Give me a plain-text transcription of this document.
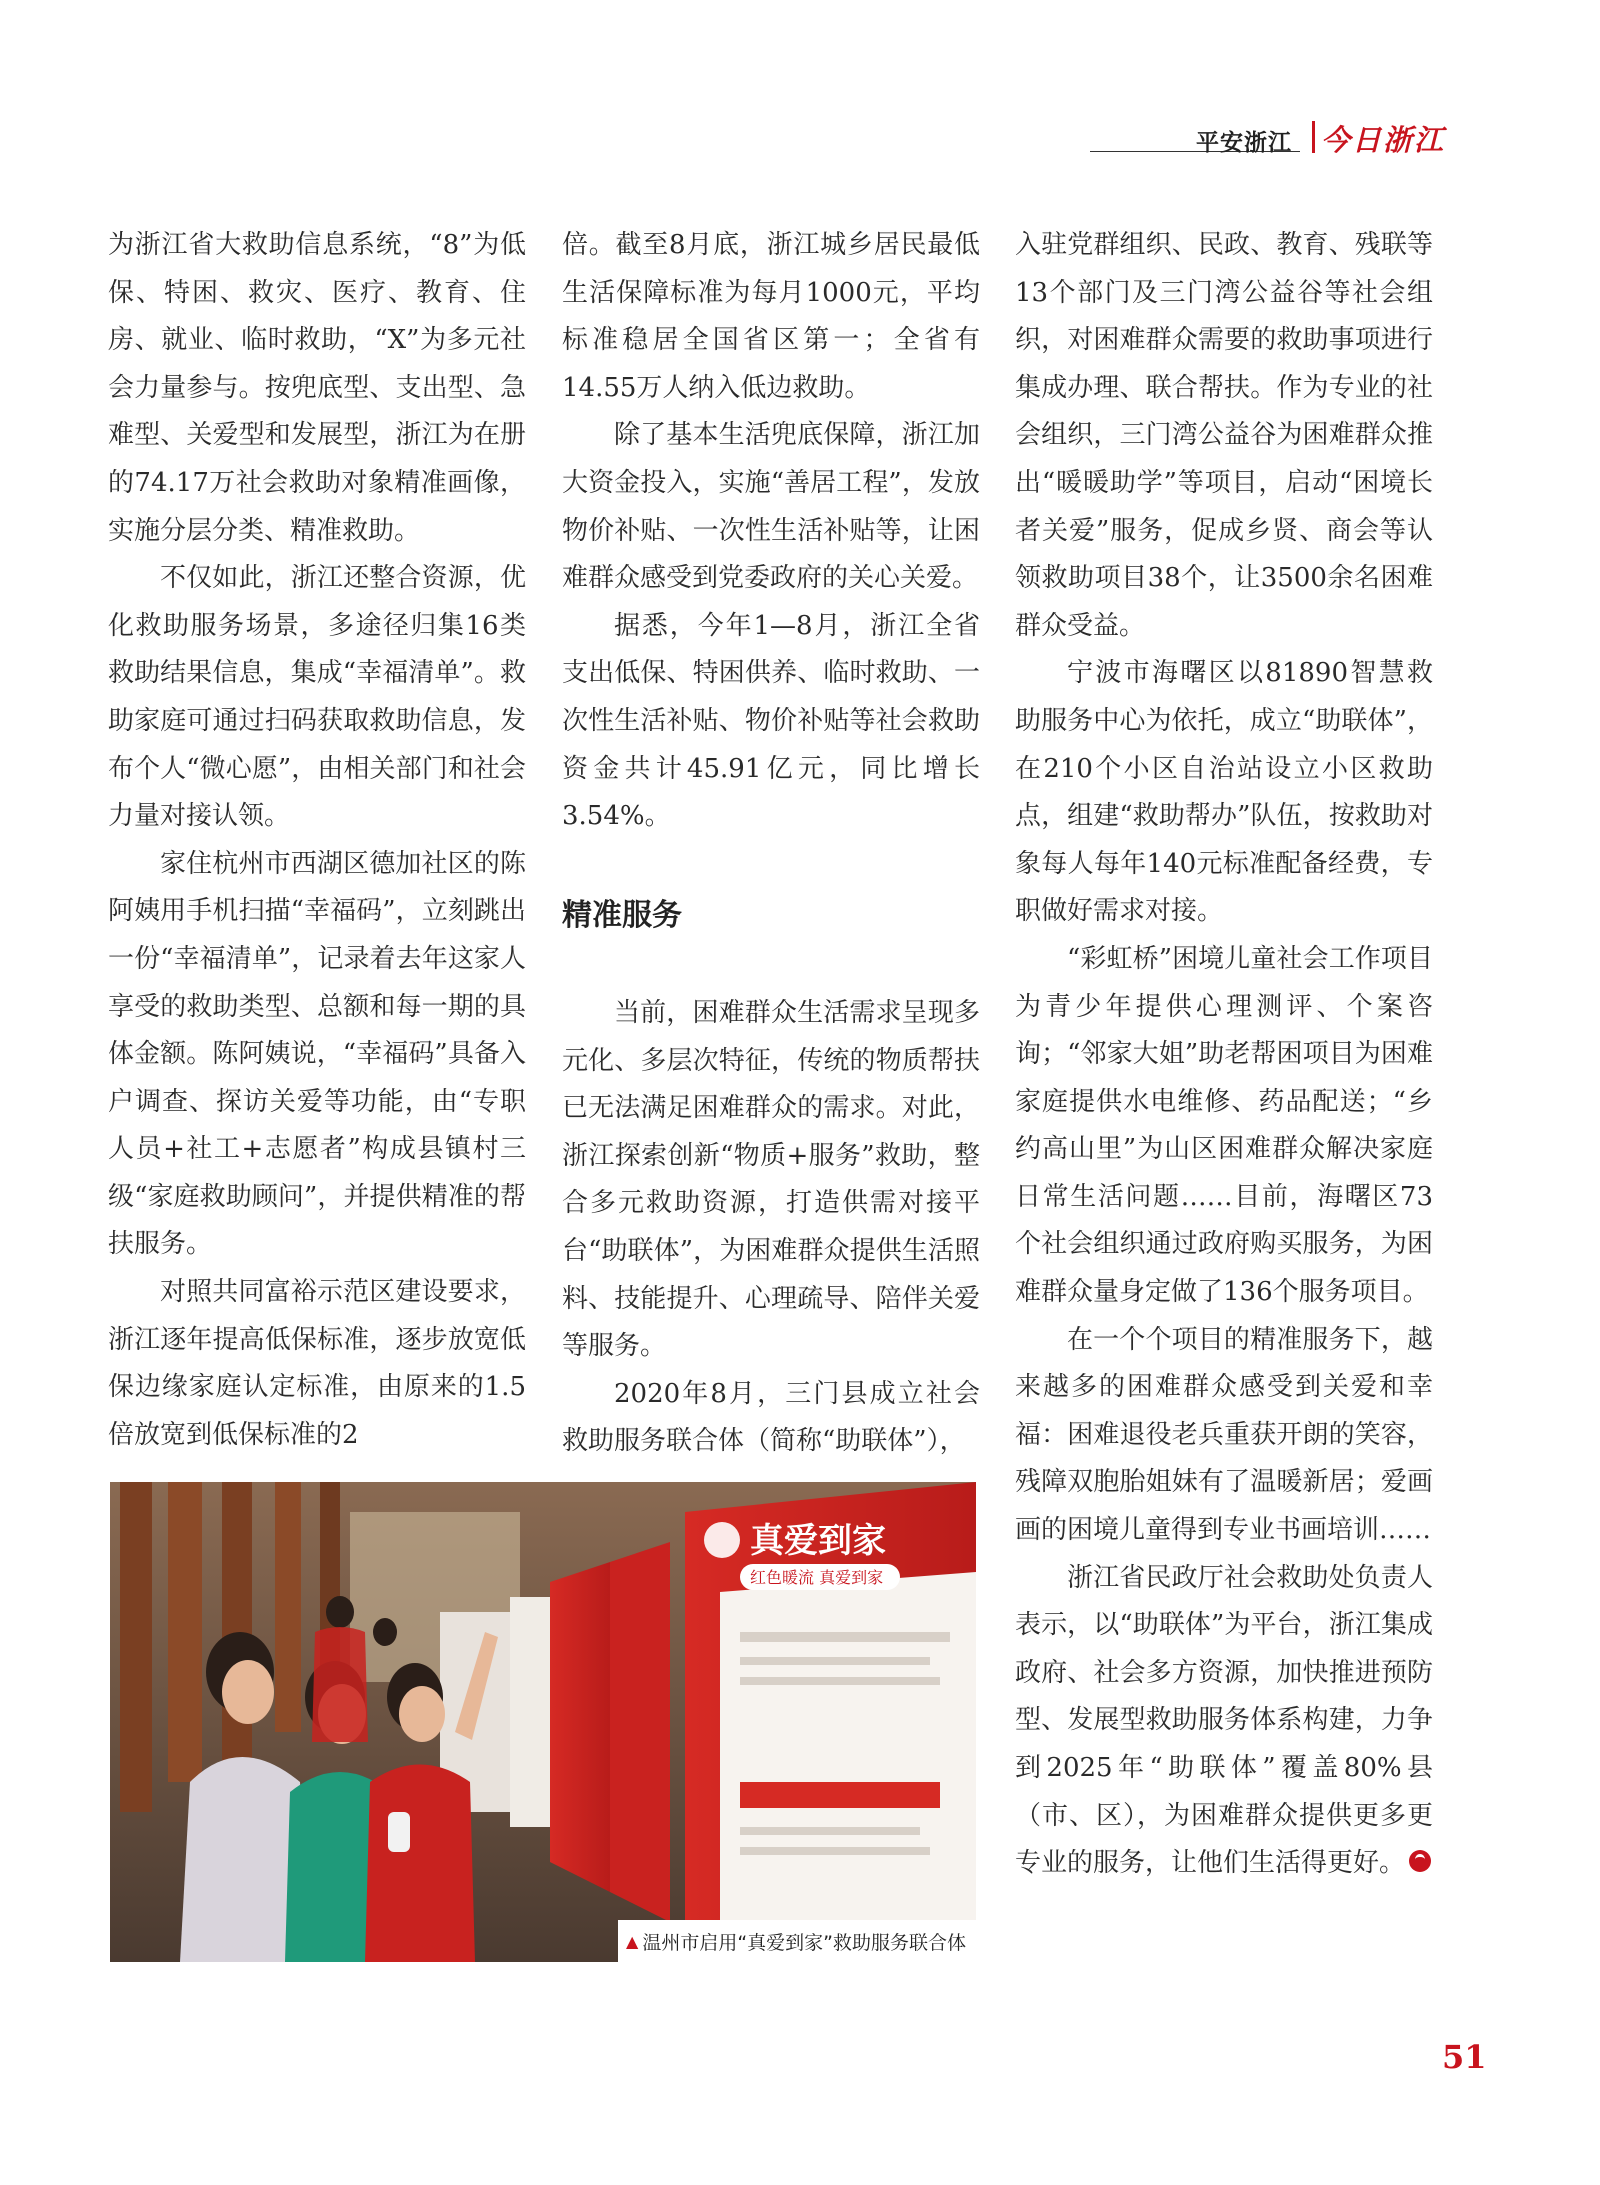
平安浙江 今日浙江

为浙江省大救助信息系统，“8”为低保、特困、救灾、医疗、教育、住房、就业、临时救助，“X”为多元社会力量参与。按兜底型、支出型、急难型、关爱型和发展型，浙江为在册的74.17万社会救助对象精准画像，实施分层分类、精准救助。

不仅如此，浙江还整合资源，优化救助服务场景，多途径归集16类救助结果信息，集成“幸福清单”。救助家庭可通过扫码获取救助信息，发布个人“微心愿”，由相关部门和社会力量对接认领。

家住杭州市西湖区德加社区的陈阿姨用手机扫描“幸福码”，立刻跳出一份“幸福清单”，记录着去年这家人享受的救助类型、总额和每一期的具体金额。陈阿姨说，“幸福码”具备入户调查、探访关爱等功能，由“专职人员+社工+志愿者”构成县镇村三级“家庭救助顾问”，并提供精准的帮扶服务。

对照共同富裕示范区建设要求，浙江逐年提高低保标准，逐步放宽低保边缘家庭认定标准，由原来的1.5倍放宽到低保标准的2

倍。截至8月底，浙江城乡居民最低生活保障标准为每月1000元，平均标准稳居全国省区第一；全省有14.55万人纳入低边救助。

除了基本生活兜底保障，浙江加大资金投入，实施“善居工程”，发放物价补贴、一次性生活补贴等，让困难群众感受到党委政府的关心关爱。

据悉，今年1—8月，浙江全省支出低保、特困供养、临时救助、一次性生活补贴、物价补贴等社会救助资金共计45.91亿元，同比增长3.54%。

精准服务

当前，困难群众生活需求呈现多元化、多层次特征，传统的物质帮扶已无法满足困难群众的需求。对此，浙江探索创新“物质+服务”救助，整合多元救助资源，打造供需对接平台“助联体”，为困难群众提供生活照料、技能提升、心理疏导、陪伴关爱等服务。

2020年8月，三门县成立社会救助服务联合体（简称“助联体”），

入驻党群组织、民政、教育、残联等13个部门及三门湾公益谷等社会组织，对困难群众需要的救助事项进行集成办理、联合帮扶。作为专业的社会组织，三门湾公益谷为困难群众推出“暖暖助学”等项目，启动“困境长者关爱”服务，促成乡贤、商会等认领救助项目38个，让3500余名困难群众受益。

宁波市海曙区以81890智慧救助服务中心为依托，成立“助联体”，在210个小区自治站设立小区救助点，组建“救助帮办”队伍，按救助对象每人每年140元标准配备经费，专职做好需求对接。

“彩虹桥”困境儿童社会工作项目为青少年提供心理测评、个案咨询；“邻家大姐”助老帮困项目为困难家庭提供水电维修、药品配送；“乡约高山里”为山区困难群众解决家庭日常生活问题……目前，海曙区73个社会组织通过政府购买服务，为困难群众量身定做了136个服务项目。

在一个个项目的精准服务下，越来越多的困难群众感受到关爱和幸福：困难退役老兵重获开朗的笑容，残障双胞胎姐妹有了温暖新居；爱画画的困境儿童得到专业书画培训……

浙江省民政厅社会救助处负责人表示，以“助联体”为平台，浙江集成政府、社会多方资源，加快推进预防型、发展型救助服务体系构建，力争到2025年“助联体”覆盖80%县（市、区），为困难群众提供更多更专业的服务，让他们生活得更好。

真爱到家
红色暖流 真爱到家
▲ 温州市启用“真爱到家”救助服务联合体
51
